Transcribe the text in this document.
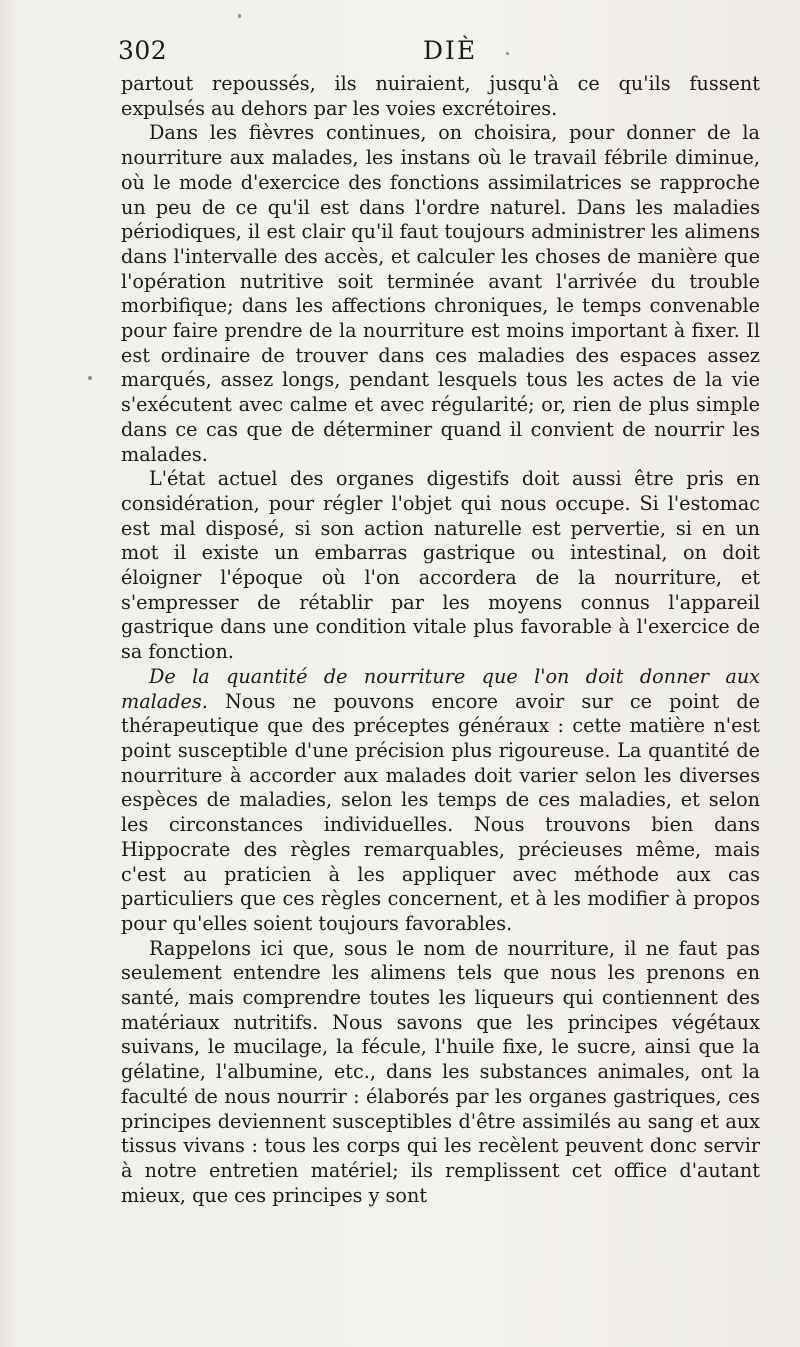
302	DIÈ

partout repoussés, ils nuiraient, jusqu'à ce qu'ils fussent expulsés au dehors par les voies excrétoires.

Dans les fièvres continues, on choisira, pour donner de la nourriture aux malades, les instans où le travail fébrile diminue, où le mode d'exercice des fonctions assimilatrices se rapproche un peu de ce qu'il est dans l'ordre naturel. Dans les maladies périodiques, il est clair qu'il faut toujours administrer les alimens dans l'intervalle des accès, et calculer les choses de manière que l'opération nutritive soit terminée avant l'arrivée du trouble morbifique; dans les affections chroniques, le temps convenable pour faire prendre de la nourriture est moins important à fixer. Il est ordinaire de trouver dans ces maladies des espaces assez marqués, assez longs, pendant lesquels tous les actes de la vie s'exécutent avec calme et avec régularité; or, rien de plus simple dans ce cas que de déterminer quand il convient de nourrir les malades.

L'état actuel des organes digestifs doit aussi être pris en considération, pour régler l'objet qui nous occupe. Si l'estomac est mal disposé, si son action naturelle est pervertie, si en un mot il existe un embarras gastrique ou intestinal, on doit éloigner l'époque où l'on accordera de la nourriture, et s'empresser de rétablir par les moyens connus l'appareil gastrique dans une condition vitale plus favorable à l'exercice de sa fonction.

De la quantité de nourriture que l'on doit donner aux malades. Nous ne pouvons encore avoir sur ce point de thérapeutique que des préceptes généraux : cette matière n'est point susceptible d'une précision plus rigoureuse. La quantité de nourriture à accorder aux malades doit varier selon les diverses espèces de maladies, selon les temps de ces maladies, et selon les circonstances individuelles. Nous trouvons bien dans Hippocrate des règles remarquables, précieuses même, mais c'est au praticien à les appliquer avec méthode aux cas particuliers que ces règles concernent, et à les modifier à propos pour qu'elles soient toujours favorables.

Rappelons ici que, sous le nom de nourriture, il ne faut pas seulement entendre les alimens tels que nous les prenons en santé, mais comprendre toutes les liqueurs qui contiennent des matériaux nutritifs. Nous savons que les principes végétaux suivans, le mucilage, la fécule, l'huile fixe, le sucre, ainsi que la gélatine, l'albumine, etc., dans les substances animales, ont la faculté de nous nourrir : élaborés par les organes gastriques, ces principes deviennent susceptibles d'être assimilés au sang et aux tissus vivans : tous les corps qui les recèlent peuvent donc servir à notre entretien matériel; ils remplissent cet office d'autant mieux, que ces principes y sont
